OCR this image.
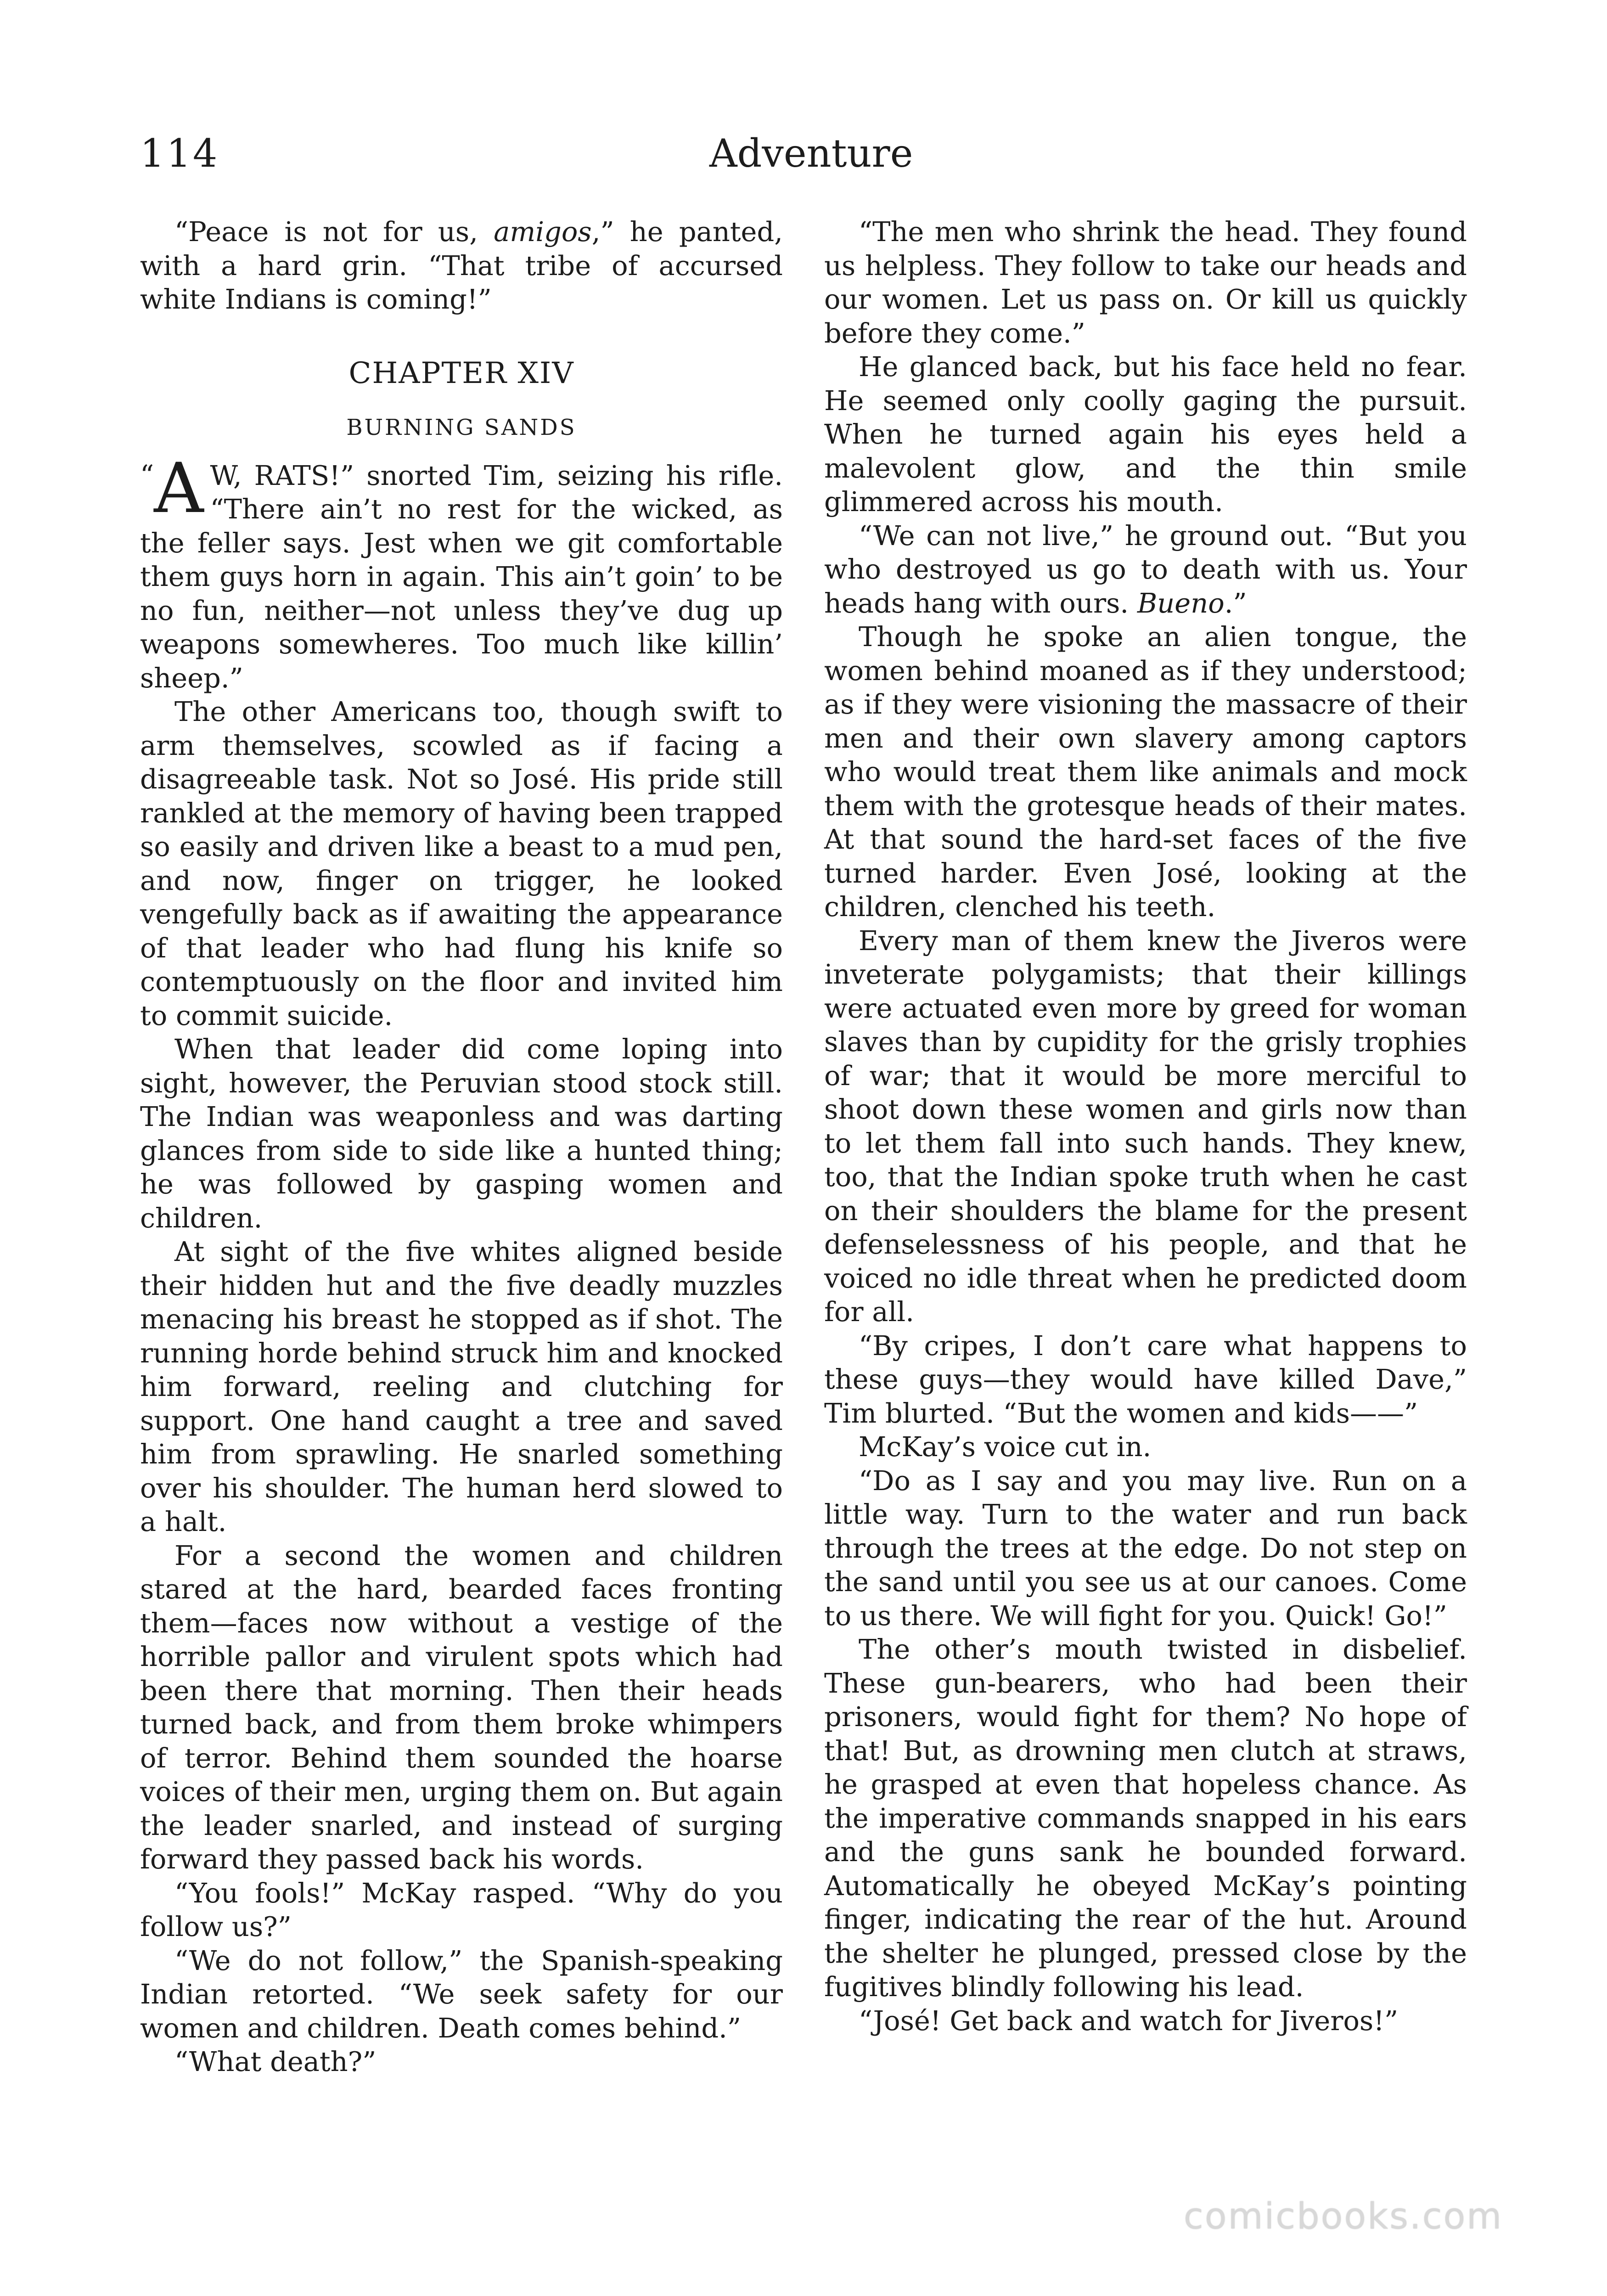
114	Adventure

“Peace is not for us, amigos,” he panted, with a hard grin. “That tribe of accursed white Indians is coming!”

CHAPTER XIV
BURNING SANDS

“A W, RATS!” snorted Tim, seizing his rifle. “There ain’t no rest for the wicked, as the feller says. Jest when we git comfortable them guys horn in again. This ain’t goin’ to be no fun, neither—not unless they’ve dug up weapons somewheres. Too much like killin’ sheep.”

The other Americans too, though swift to arm themselves, scowled as if facing a disagreeable task. Not so José. His pride still rankled at the memory of having been trapped so easily and driven like a beast to a mud pen, and now, finger on trigger, he looked vengefully back as if awaiting the appearance of that leader who had flung his knife so contemptuously on the floor and invited him to commit suicide.

When that leader did come loping into sight, however, the Peruvian stood stock still. The Indian was weaponless and was darting glances from side to side like a hunted thing; he was followed by gasping women and children.

At sight of the five whites aligned beside their hidden hut and the five deadly muzzles menacing his breast he stopped as if shot. The running horde behind struck him and knocked him forward, reeling and clutching for support. One hand caught a tree and saved him from sprawling. He snarled something over his shoulder. The human herd slowed to a halt.

For a second the women and children stared at the hard, bearded faces fronting them—faces now without a vestige of the horrible pallor and virulent spots which had been there that morning. Then their heads turned back, and from them broke whimpers of terror. Behind them sounded the hoarse voices of their men, urging them on. But again the leader snarled, and instead of surging forward they passed back his words.

“You fools!” McKay rasped. “Why do you follow us?”

“We do not follow,” the Spanish-speaking Indian retorted. “We seek safety for our women and children. Death comes behind.”

“What death?”

“The men who shrink the head. They found us helpless. They follow to take our heads and our women. Let us pass on. Or kill us quickly before they come.”

He glanced back, but his face held no fear. He seemed only coolly gaging the pursuit. When he turned again his eyes held a malevolent glow, and the thin smile glimmered across his mouth.

“We can not live,” he ground out. “But you who destroyed us go to death with us. Your heads hang with ours. Bueno.”

Though he spoke an alien tongue, the women behind moaned as if they understood; as if they were visioning the massacre of their men and their own slavery among captors who would treat them like animals and mock them with the grotesque heads of their mates. At that sound the hard-set faces of the five turned harder. Even José, looking at the children, clenched his teeth.

Every man of them knew the Jiveros were inveterate polygamists; that their killings were actuated even more by greed for woman slaves than by cupidity for the grisly trophies of war; that it would be more merciful to shoot down these women and girls now than to let them fall into such hands. They knew, too, that the Indian spoke truth when he cast on their shoulders the blame for the present defenselessness of his people, and that he voiced no idle threat when he predicted doom for all.

“By cripes, I don’t care what happens to these guys—they would have killed Dave,” Tim blurted. “But the women and kids——”

McKay’s voice cut in.

“Do as I say and you may live. Run on a little way. Turn to the water and run back through the trees at the edge. Do not step on the sand until you see us at our canoes. Come to us there. We will fight for you. Quick! Go!”

The other’s mouth twisted in disbelief. These gun-bearers, who had been their prisoners, would fight for them? No hope of that! But, as drowning men clutch at straws, he grasped at even that hopeless chance. As the imperative commands snapped in his ears and the guns sank he bounded forward. Automatically he obeyed McKay’s pointing finger, indicating the rear of the hut. Around the shelter he plunged, pressed close by the fugitives blindly following his lead.

“José! Get back and watch for Jiveros!”

comicbooks.com
